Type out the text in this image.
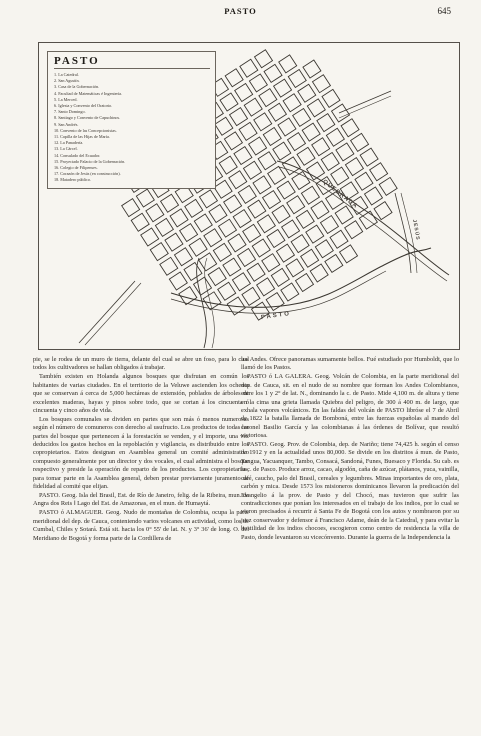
PASTO	645
PASTO
1. La Catedral.
2. San Agustín.
3. Casa de la Gobernación.
4. Facultad de Matemáticas é Ingeniería.
5. La Merced.
6. Iglesia y Convento del Oratorio.
7. Santo Domingo.
8. Santiago y Convento de Capuchinos.
9. San Andrés.
10. Convento de las Concepcionistas.
11. Capilla de las Hijas de María.
12. La Panadería.
13. La Cárcel.
14. Consulado del Ecuador.
15. Proyectado Palacio de la Gobernación.
16. Colegio de Filipenses.
17. Corazón de Jesús (en construcción).
18. Matadero público.	QUEBRADA
PASTO
JESÚS

pie, se le rodea de un muro de tierra, delante del cual se abre un foso, para lo cual todos los cultivadores se hallan obligados á trabajar.

También existen en Holanda algunos bosques que disfrutan en común los habitantes de varias ciudades. En el territorio de la Veluwe ascienden los ochenta que se conservan á cerca de 5,000 hectáreas de extensión, poblados de árboles de excelentes maderas, hayas y pinos sobre todo, que se cortan á los cincuenta ó cincuenta y cinco años de vida.

Los bosques comunales se dividen en partes que son más ó menos numerosas según el número de comuneros con derecho al usufructo. Los productos de todas las partes del bosque que pertenecen á la forestación se venden, y el importe, una vez deducidos los gastos hechos en la repoblación y vigilancia, es distribuido entre los copropietarios. Estos designan en Asamblea general un comité administrativo compuesto generalmente por un director y dos vocales, el cual administra el bosque respectivo y preside la operación de reparto de los productos. Los copropietarios, para tomar parte en la Asamblea general, deben prestar previamente juramento de fidelidad al comité que elijan.

PASTO. Geog. Isla del Brasil, Est. de Río de Janeiro, felig. de la Ribeira, mun. de Angra dos Reis ‖ Lago del Est. de Amazonas, en el mun. de Humaytá.

PASTO ó ALMAGUER. Geog. Nudo de montañas de Colombia, ocupa la parte meridional del dep. de Cauca, conteniendo varios volcanes en actividad, como los de Cumbal, Chiles y Sotará. Está sit. hacia los 0° 55' de lat. N. y 3° 36' de long. O. del Meridiano de Bogotá y forma parte de la Cordillera de

los Andes. Ofrece panoramas sumamente bellos. Fué estudiado por Humboldt, que lo llamó de los Pastos.

PASTO ó LA GALERA. Geog. Volcán de Colombia, en la parte meridional del dep. de Cauca, sit. en el nudo de su nombre que forman los Andes Colombianos, entre los 1 y 2° de lat. N., dominando la c. de Pasto. Mide 4,100 m. de altura y tiene en la cima una grieta llamada Quiebra del peligro, de 300 á 400 m. de largo, que exhala vapores volcánicos. En las faldas del volcán de PASTO libróse el 7 de Abril de 1822 la batalla llamada de Bomboná, entre las fuerzas españolas al mando del coronel Basilio García y las colombianas á las órdenes de Bolívar, que resultó victoriosa.

PASTO. Geog. Prov. de Colombia, dep. de Nariño; tiene 74,425 h. según el censo de 1912 y en la actualidad unos 80,000. Se divide en los distritos á mun. de Pasto, Tangua, Yacuanquer, Tambo, Consacá, Sandoná, Funes, Buesaco y Florida. Su cab. es la c. de Pasco. Produce arroz, cacao, algodón, caña de azúcar, plátanos, yuca, vainilla, café, caucho, palo del Brasil, cereales y legumbres. Minas importantes de oro, plata, carbón y mica. Desde 1573 los misioneros dominicanos llevaron la predicación del Evangelio á la prov. de Pasto y del Chocó, mas tuvieron que sufrir las contradicciones que ponían los interesados en el trabajo de los indios, por lo cual se vieron precisados á recurrir á Santa Fe de Bogotá con los autos y nombraron por su juez conservador y defensor á Francisco Adame, deán de la Catedral, y para evitar la hostilidad de los indios chocoes, escogieron como centro de residencia la villa de Pasto, donde levantaron su vicecónvento. Durante la guerra de la Independencia la
